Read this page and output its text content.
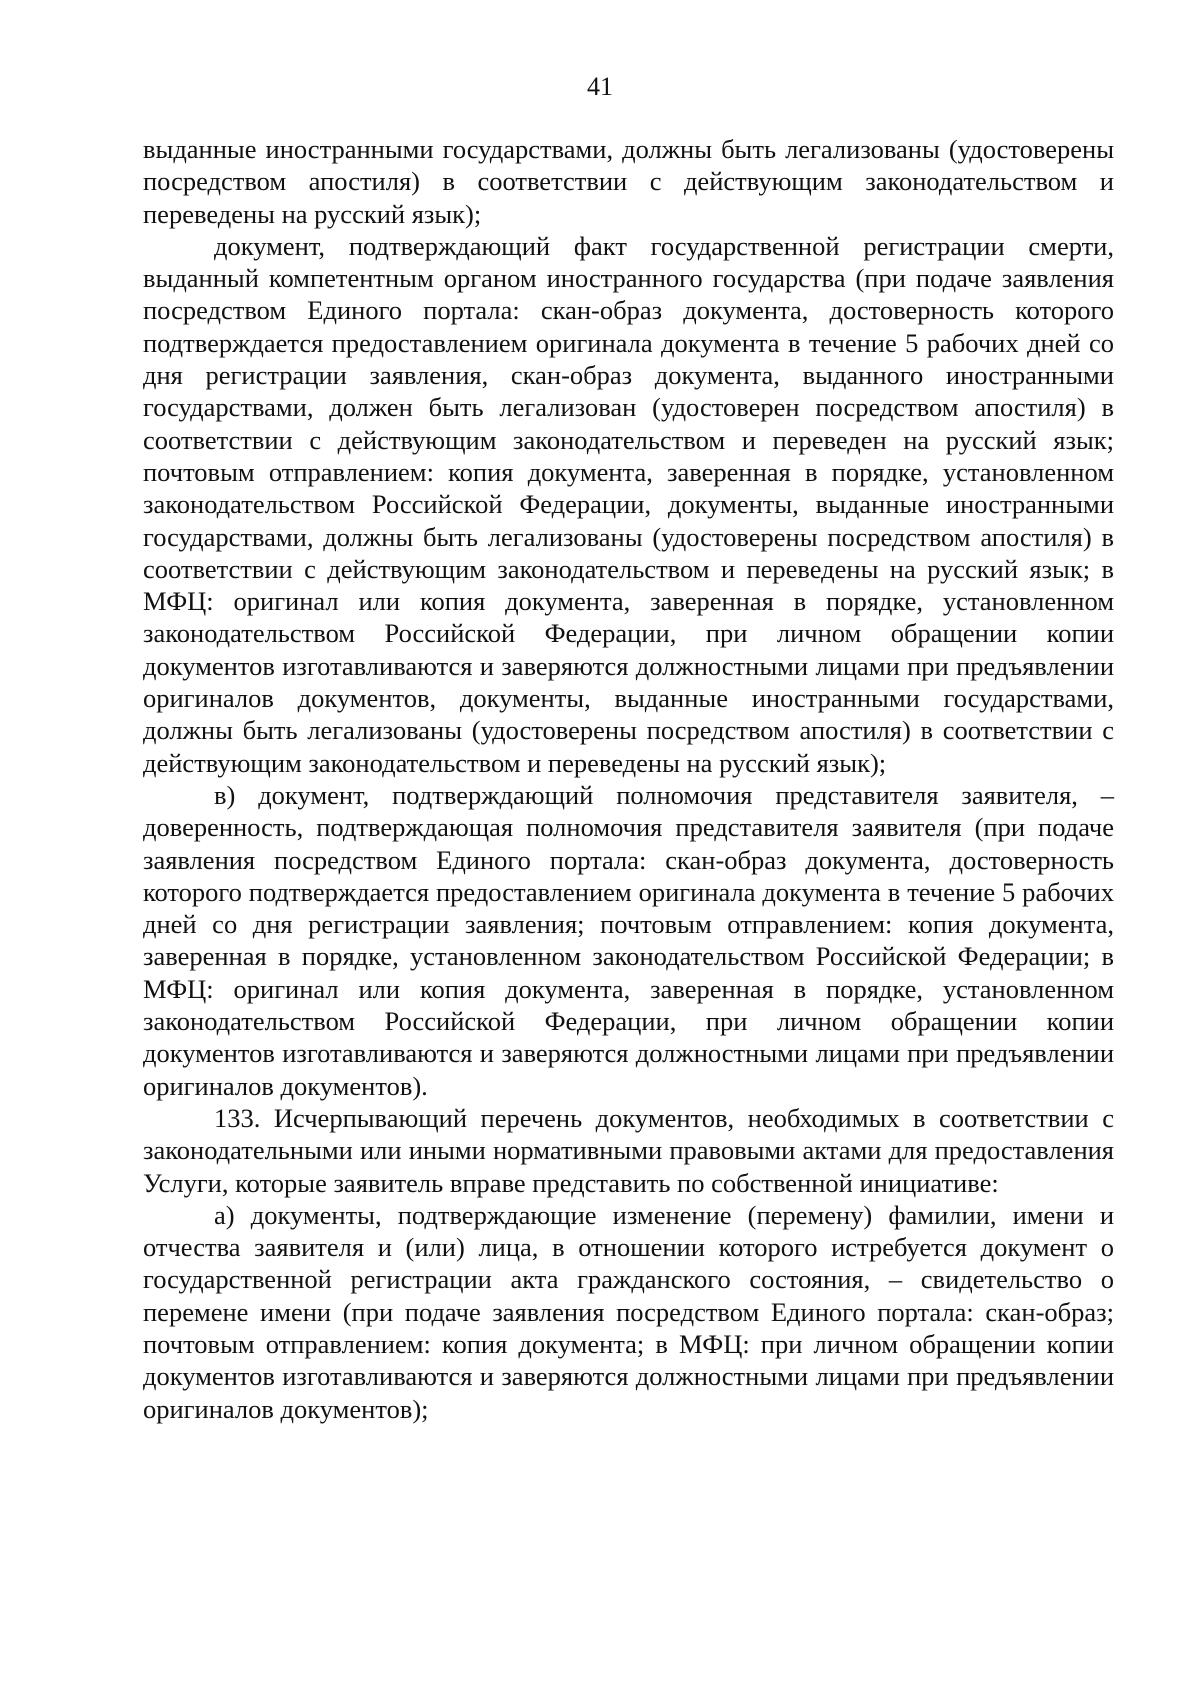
41

выданные иностранными государствами, должны быть легализованы (удостоверены посредством апостиля) в соответствии с действующим законодательством и переведены на русский язык);

документ, подтверждающий факт государственной регистрации смерти, выданный компетентным органом иностранного государства (при подаче заявления посредством Единого портала: скан-образ документа, достоверность которого подтверждается предоставлением оригинала документа в течение 5 рабочих дней со дня регистрации заявления, скан-образ документа, выданного иностранными государствами, должен быть легализован (удостоверен посредством апостиля) в соответствии с действующим законодательством и переведен на русский язык; почтовым отправлением: копия документа, заверенная в порядке, установленном законодательством Российской Федерации, документы, выданные иностранными государствами, должны быть легализованы (удостоверены посредством апостиля) в соответствии с действующим законодательством и переведены на русский язык; в МФЦ: оригинал или копия документа, заверенная в порядке, установленном законодательством Российской Федерации, при личном обращении копии документов изготавливаются и заверяются должностными лицами при предъявлении оригиналов документов, документы, выданные иностранными государствами, должны быть легализованы (удостоверены посредством апостиля) в соответствии с действующим законодательством и переведены на русский язык);

в) документ, подтверждающий полномочия представителя заявителя, – доверенность, подтверждающая полномочия представителя заявителя (при подаче заявления посредством Единого портала: скан-образ документа, достоверность которого подтверждается предоставлением оригинала документа в течение 5 рабочих дней со дня регистрации заявления; почтовым отправлением: копия документа, заверенная в порядке, установленном законодательством Российской Федерации; в МФЦ: оригинал или копия документа, заверенная в порядке, установленном законодательством Российской Федерации, при личном обращении копии документов изготавливаются и заверяются должностными лицами при предъявлении оригиналов документов).

133. Исчерпывающий перечень документов, необходимых в соответствии с законодательными или иными нормативными правовыми актами для предоставления Услуги, которые заявитель вправе представить по собственной инициативе:

а) документы, подтверждающие изменение (перемену) фамилии, имени и отчества заявителя и (или) лица, в отношении которого истребуется документ о государственной регистрации акта гражданского состояния, – свидетельство о перемене имени (при подаче заявления посредством Единого портала: скан-образ; почтовым отправлением: копия документа; в МФЦ: при личном обращении копии документов изготавливаются и заверяются должностными лицами при предъявлении оригиналов документов);
